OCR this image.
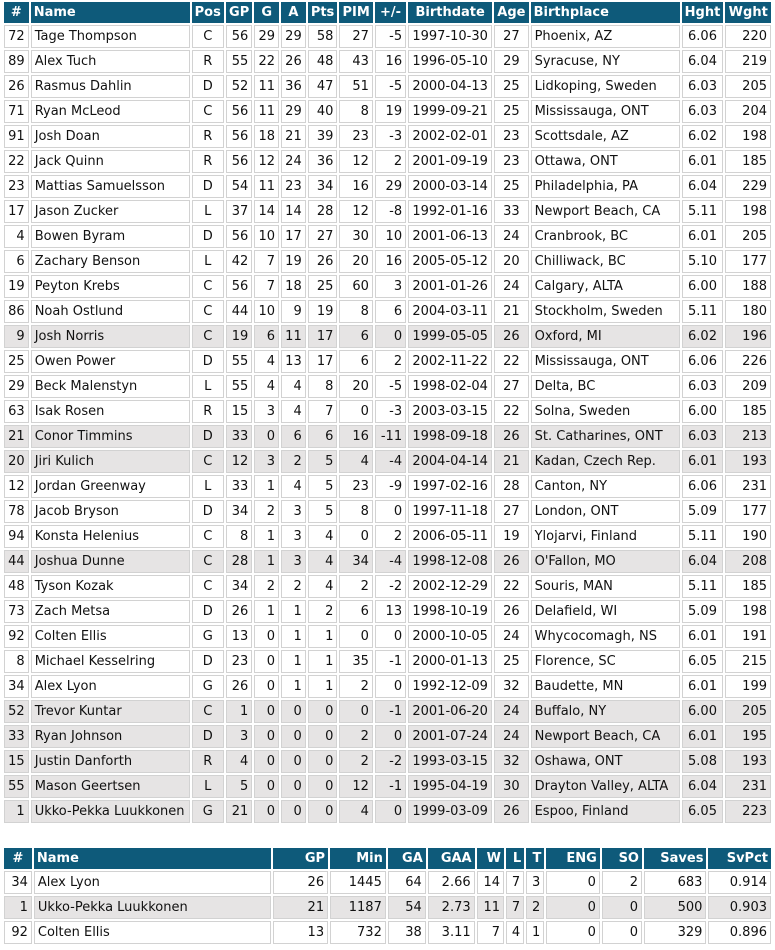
#	Name	Pos	GP	G	A	Pts	PIM	+/-	Birthdate	Age	Birthplace	Hght	Wght
72	Tage Thompson	C	56	29	29	58	27	-5	1997-10-30	27	Phoenix, AZ	6.06	220
89	Alex Tuch	R	55	22	26	48	43	16	1996-05-10	29	Syracuse, NY	6.04	219
26	Rasmus Dahlin	D	52	11	36	47	51	-5	2000-04-13	25	Lidkoping, Sweden	6.03	205
71	Ryan McLeod	C	56	11	29	40	8	19	1999-09-21	25	Mississauga, ONT	6.03	204
91	Josh Doan	R	56	18	21	39	23	-3	2002-02-01	23	Scottsdale, AZ	6.02	198
22	Jack Quinn	R	56	12	24	36	12	2	2001-09-19	23	Ottawa, ONT	6.01	185
23	Mattias Samuelsson	D	54	11	23	34	16	29	2000-03-14	25	Philadelphia, PA	6.04	229
17	Jason Zucker	L	37	14	14	28	12	-8	1992-01-16	33	Newport Beach, CA	5.11	198
4	Bowen Byram	D	56	10	17	27	30	10	2001-06-13	24	Cranbrook, BC	6.01	205
6	Zachary Benson	L	42	7	19	26	20	16	2005-05-12	20	Chilliwack, BC	5.10	177
19	Peyton Krebs	C	56	7	18	25	60	3	2001-01-26	24	Calgary, ALTA	6.00	188
86	Noah Ostlund	C	44	10	9	19	8	6	2004-03-11	21	Stockholm, Sweden	5.11	180
9	Josh Norris	C	19	6	11	17	6	0	1999-05-05	26	Oxford, MI	6.02	196
25	Owen Power	D	55	4	13	17	6	2	2002-11-22	22	Mississauga, ONT	6.06	226
29	Beck Malenstyn	L	55	4	4	8	20	-5	1998-02-04	27	Delta, BC	6.03	209
63	Isak Rosen	R	15	3	4	7	0	-3	2003-03-15	22	Solna, Sweden	6.00	185
21	Conor Timmins	D	33	0	6	6	16	-11	1998-09-18	26	St. Catharines, ONT	6.03	213
20	Jiri Kulich	C	12	3	2	5	4	-4	2004-04-14	21	Kadan, Czech Rep.	6.01	193
12	Jordan Greenway	L	33	1	4	5	23	-9	1997-02-16	28	Canton, NY	6.06	231
78	Jacob Bryson	D	34	2	3	5	8	0	1997-11-18	27	London, ONT	5.09	177
94	Konsta Helenius	C	8	1	3	4	0	2	2006-05-11	19	Ylojarvi, Finland	5.11	190
44	Joshua Dunne	C	28	1	3	4	34	-4	1998-12-08	26	O'Fallon, MO	6.04	208
48	Tyson Kozak	C	34	2	2	4	2	-2	2002-12-29	22	Souris, MAN	5.11	185
73	Zach Metsa	D	26	1	1	2	6	13	1998-10-19	26	Delafield, WI	5.09	198
92	Colten Ellis	G	13	0	1	1	0	0	2000-10-05	24	Whycocomagh, NS	6.01	191
8	Michael Kesselring	D	23	0	1	1	35	-1	2000-01-13	25	Florence, SC	6.05	215
34	Alex Lyon	G	26	0	1	1	2	0	1992-12-09	32	Baudette, MN	6.01	199
52	Trevor Kuntar	C	1	0	0	0	0	-1	2001-06-20	24	Buffalo, NY	6.00	205
33	Ryan Johnson	D	3	0	0	0	2	0	2001-07-24	24	Newport Beach, CA	6.01	195
15	Justin Danforth	R	4	0	0	0	2	-2	1993-03-15	32	Oshawa, ONT	5.08	193
55	Mason Geertsen	L	5	0	0	0	12	-1	1995-04-19	30	Drayton Valley, ALTA	6.04	231
1	Ukko-Pekka Luukkonen	G	21	0	0	0	4	0	1999-03-09	26	Espoo, Finland	6.05	223
#	Name	GP	Min	GA	GAA	W	L	T	ENG	SO	Saves	SvPct
34	Alex Lyon	26	1445	64	2.66	14	7	3	0	2	683	0.914
1	Ukko-Pekka Luukkonen	21	1187	54	2.73	11	7	2	0	0	500	0.903
92	Colten Ellis	13	732	38	3.11	7	4	1	0	0	329	0.896
